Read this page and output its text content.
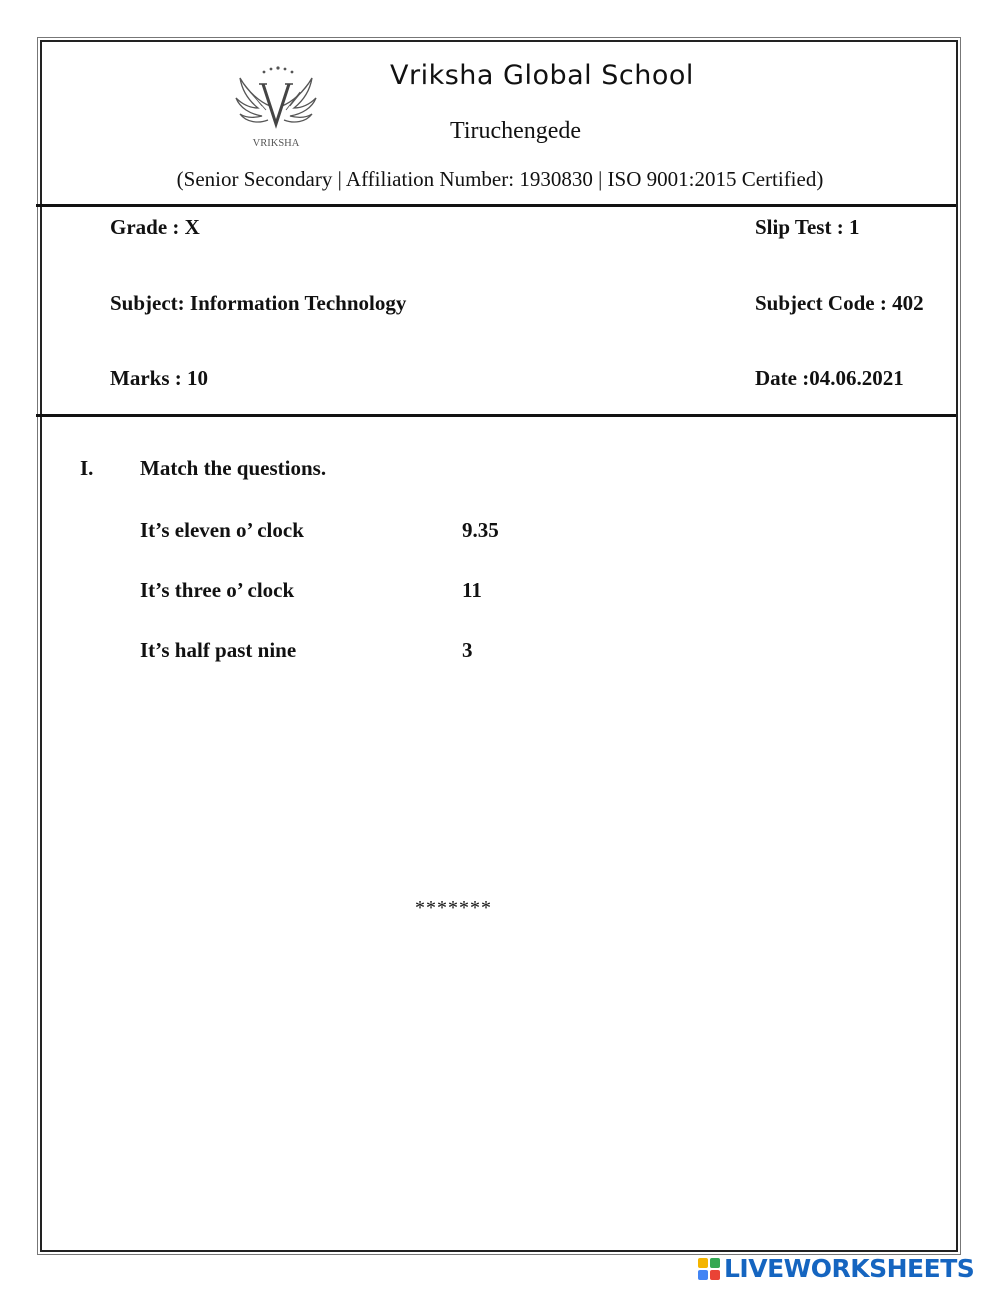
VRIKSHA
Vriksha Global School
Tiruchengede
(Senior Secondary | Affiliation Number: 1930830 | ISO 9001:2015 Certified)
Grade : X	Slip Test : 1
Subject: Information Technology	Subject Code : 402
Marks : 10	Date :04.06.2021
I. Match the questions.
It’s eleven o’ clock	9.35
It’s three o’ clock	11
It’s half past nine	3
*******
LIVEWORKSHEETS
